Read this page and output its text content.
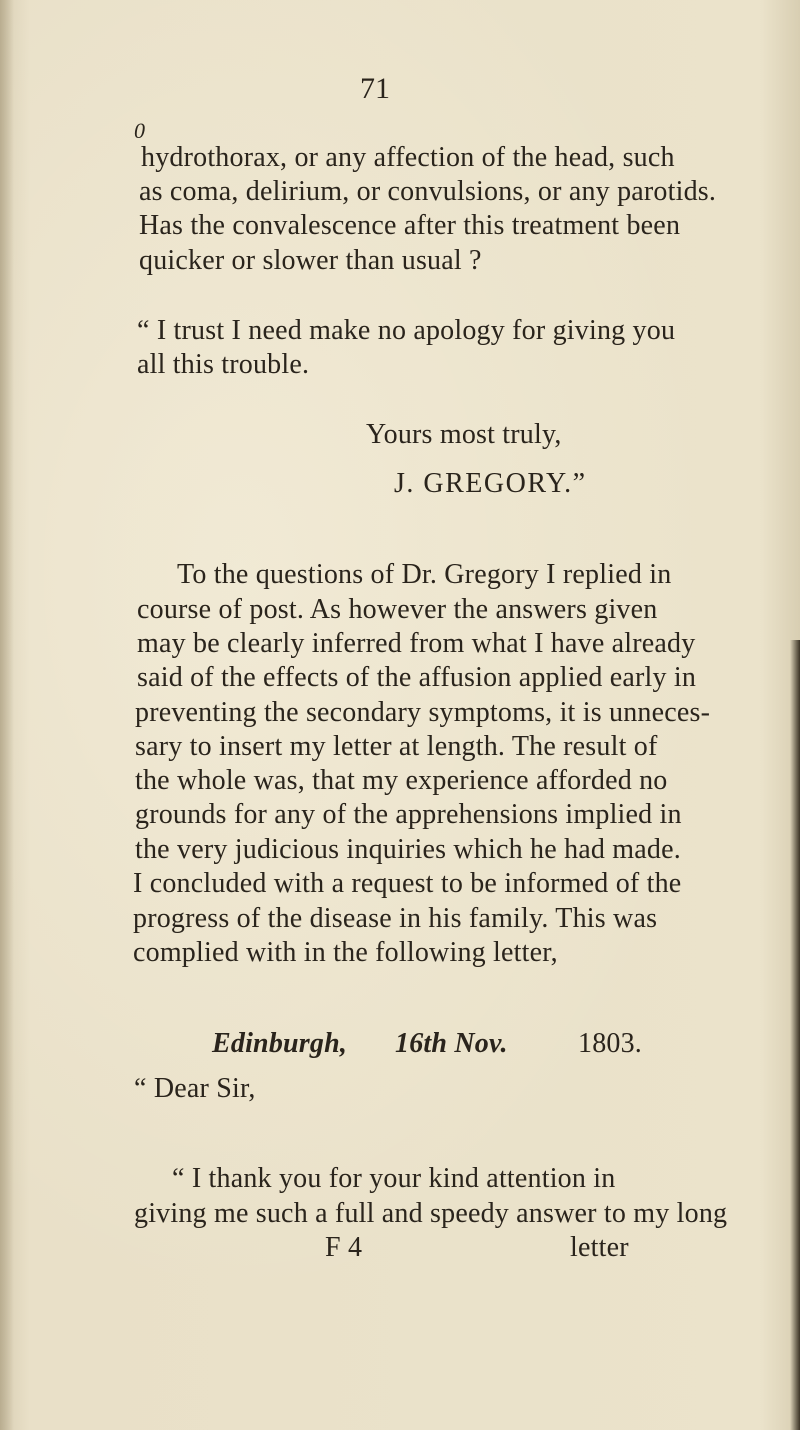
71
0
hydrothorax, or any affection of the head, such
as coma, delirium, or convulsions, or any parotids.
Has the convalescence after this treatment been
quicker or slower than usual ?
“ I trust I need make no apology for giving you
all this trouble.
Yours most truly,
J. GREGORY.”
To the questions of Dr. Gregory I replied in
course of post. As however the answers given
may be clearly inferred from what I have already
said of the effects of the affusion applied early in
preventing the secondary symptoms, it is unneces-
sary to insert my letter at length. The result of
the whole was, that my experience afforded no
grounds for any of the apprehensions implied in
the very judicious inquiries which he had made.
I concluded with a request to be informed of the
progress of the disease in his family. This was
complied with in the following letter,
Edinburgh, 16th Nov.	1803.
“ Dear Sir,
“ I thank you for your kind attention in
giving me such a full and speedy answer to my long
F 4	letter
